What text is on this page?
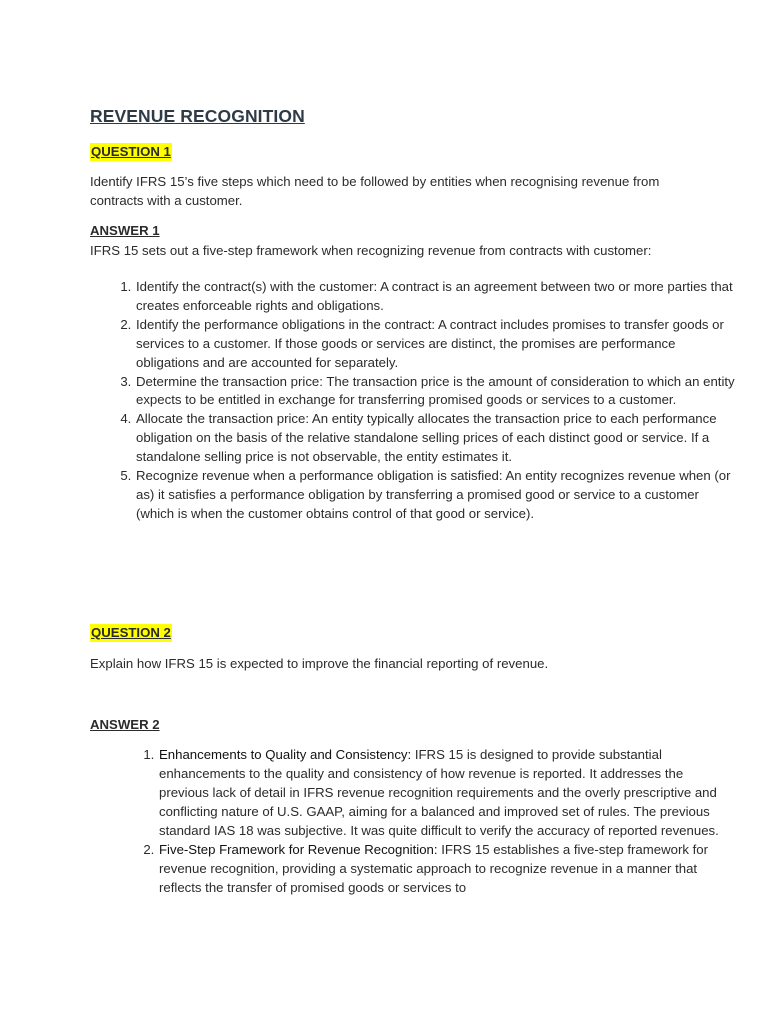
REVENUE RECOGNITION
QUESTION 1
Identify IFRS 15’s five steps which need to be followed by entities when recognising revenue from contracts with a customer.
ANSWER 1
IFRS 15 sets out a five-step framework when recognizing revenue from contracts with customer:
1. Identify the contract(s) with the customer: A contract is an agreement between two or more parties that creates enforceable rights and obligations.
2. Identify the performance obligations in the contract: A contract includes promises to transfer goods or services to a customer. If those goods or services are distinct, the promises are performance obligations and are accounted for separately.
3. Determine the transaction price: The transaction price is the amount of consideration to which an entity expects to be entitled in exchange for transferring promised goods or services to a customer.
4. Allocate the transaction price: An entity typically allocates the transaction price to each performance obligation on the basis of the relative standalone selling prices of each distinct good or service. If a standalone selling price is not observable, the entity estimates it.
5. Recognize revenue when a performance obligation is satisfied: An entity recognizes revenue when (or as) it satisfies a performance obligation by transferring a promised good or service to a customer (which is when the customer obtains control of that good or service).
QUESTION 2
Explain how IFRS 15 is expected to improve the financial reporting of revenue.
ANSWER 2
1. Enhancements to Quality and Consistency: IFRS 15 is designed to provide substantial enhancements to the quality and consistency of how revenue is reported. It addresses the previous lack of detail in IFRS revenue recognition requirements and the overly prescriptive and conflicting nature of U.S. GAAP, aiming for a balanced and improved set of rules. The previous standard IAS 18 was subjective. It was quite difficult to verify the accuracy of reported revenues.
2. Five-Step Framework for Revenue Recognition: IFRS 15 establishes a five-step framework for revenue recognition, providing a systematic approach to recognize revenue in a manner that reflects the transfer of promised goods or services to
